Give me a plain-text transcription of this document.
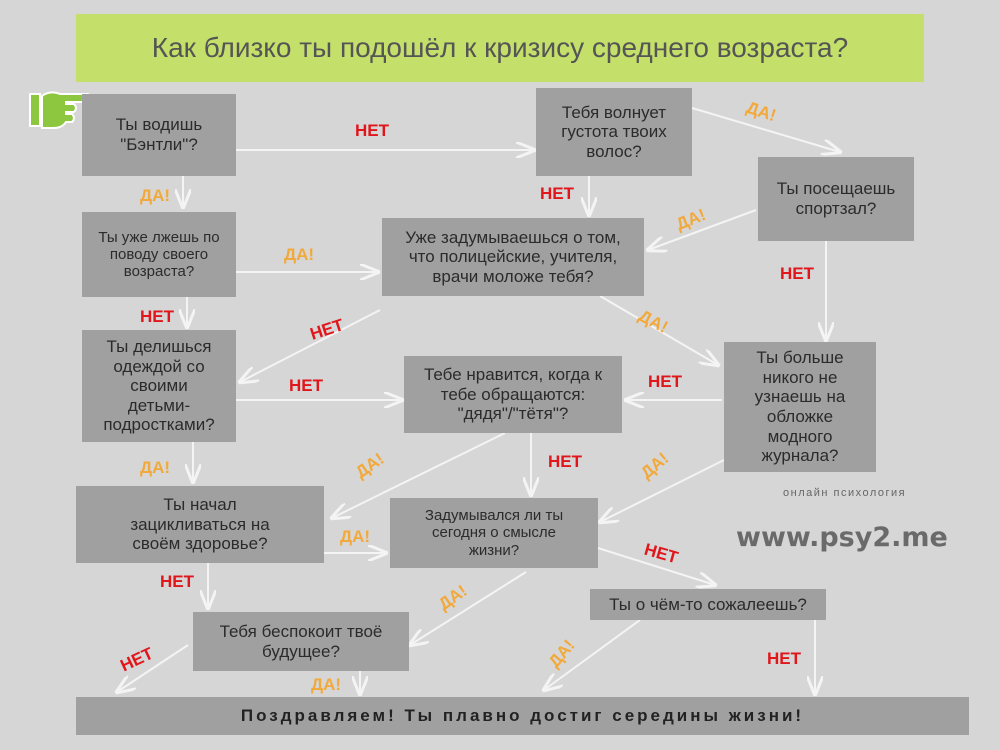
Как близко ты подошёл к кризису среднего возраста?
Ты водишь
"Бэнтли"?
Тебя волнует
густота твоих
волос?
Ты посещаешь
спортзал?
Ты уже лжешь по
поводу своего
возраста?
Уже задумываешься о том,
что полицейские, учителя,
врачи моложе тебя?
Ты делишься
одеждой со
своими
детьми-
подростками?
Тебе нравится, когда к
тебе обращаются:
"дядя"/"тётя"?
Ты больше
никого не
узнаешь на
обложке
модного
журнала?
Ты начал
зацикливаться на
своём здоровье?
Задумывался ли ты
сегодня о смысле
жизни?
Ты о чём-то сожалеешь?
Тебя беспокоит твоё
будущее?
НЕТ
ДА!
ДА!
НЕТ
ДА!
НЕТ
ДА!
НЕТ	НЕТ	ДА!
НЕТ	НЕТ
ДА!	ДА!	НЕТ	ДА!
ДА!
НЕТ
НЕТ	ДА!
НЕТ	ДА!	НЕТ
ДА!
онлайн психология
www.psy2.me
Поздравляем! Ты плавно достиг середины жизни!
